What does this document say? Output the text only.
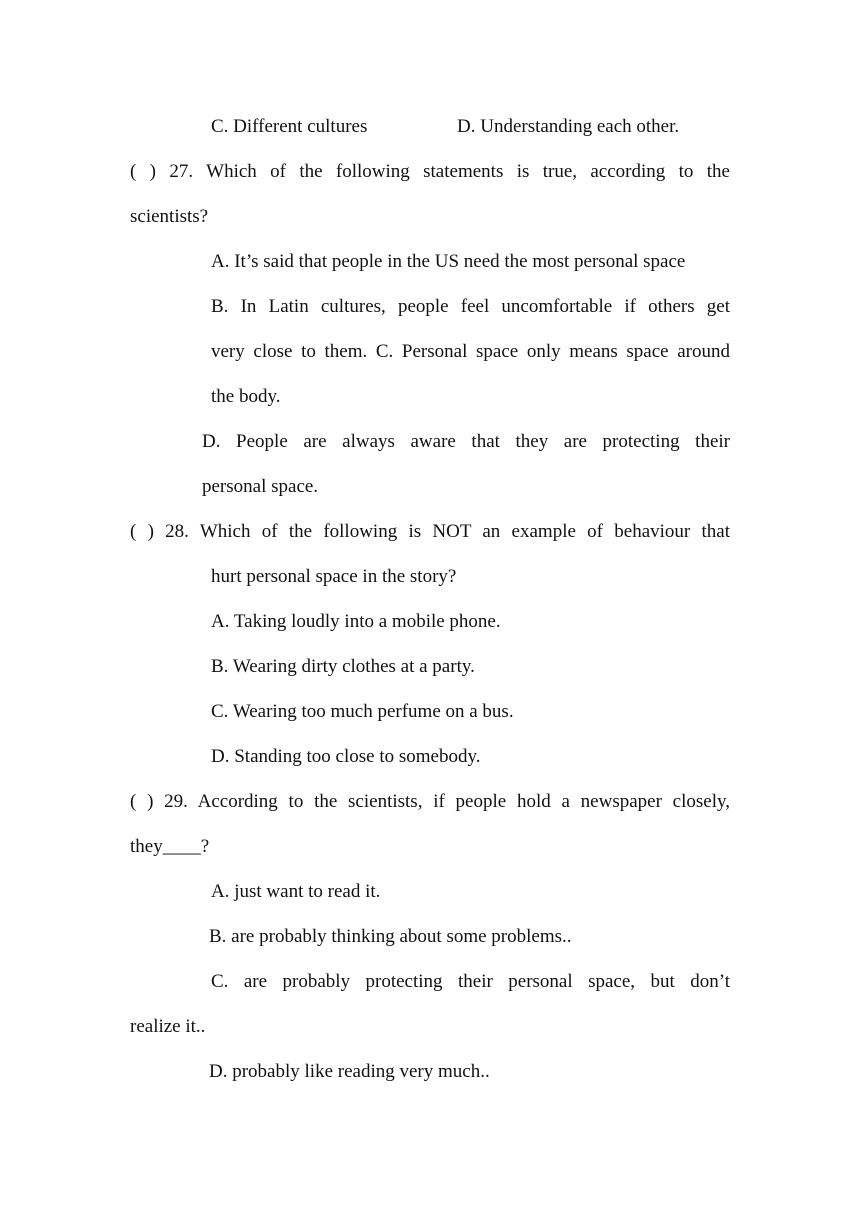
C. Different cultures	D. Understanding each other.
( ) 27. Which of the following statements is true, according to the
scientists?
A. It’s said that people in the US need the most personal space
B. In Latin cultures, people feel uncomfortable if others get
very close to them. C. Personal space only means space around
the body.
D. People are always aware that they are protecting their
personal space.
( ) 28. Which of the following is NOT an example of behaviour that
hurt personal space in the story?
A. Taking loudly into a mobile phone.
B. Wearing dirty clothes at a party.
C. Wearing too much perfume on a bus.
D. Standing too close to somebody.
( ) 29. According to the scientists, if people hold a newspaper closely,
they____?
A. just want to read it.
B. are probably thinking about some problems..
C. are probably protecting their personal space, but don’t
realize it..
D. probably like reading very much..
